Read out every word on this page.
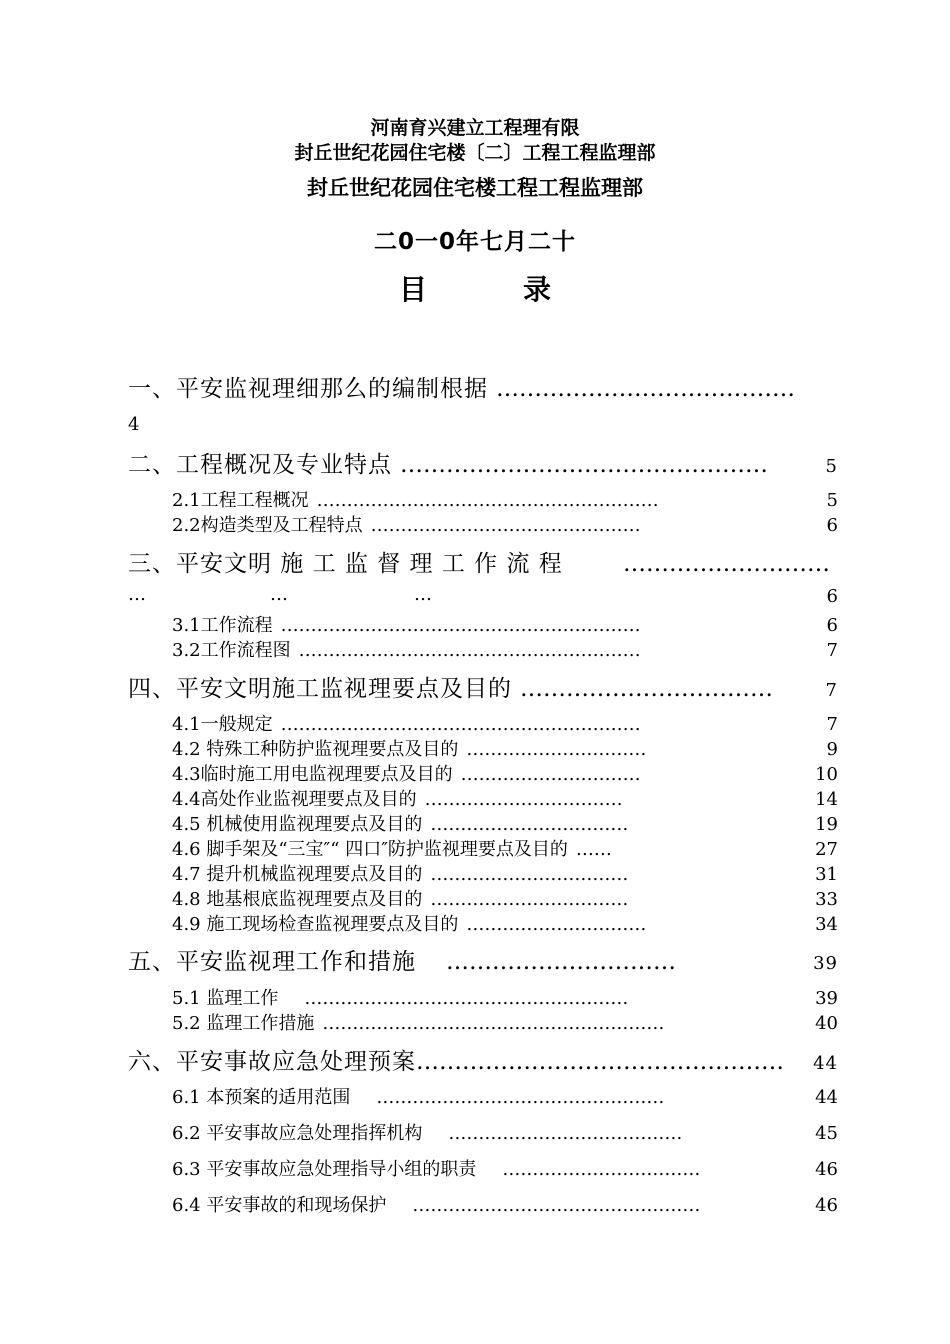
河南育兴建立工程理有限
封丘世纪花园住宅楼〔二〕工程工程监理部
封丘世纪花园住宅楼工程工程监理部
二0一0年七月二十
目	录
一、平安监视理细那么的编制根据 …………………………………
4
二、工程概况及专业特点 …………………………………………	5
2.1工程工程概况 …………………………………………………	5
2.2构造类型及工程特点 ………………………………………	6
三、平安文明 施 工 监 督 理 工 作 流 程	………………………
…	…	…	6
3.1工作流程 ……………………………………………………	6
3.2工作流程图 …………………………………………………	7
四、平安文明施工监视理要点及目的 ……………………………	7
4.1一般规定 ……………………………………………………	7
4.2 特殊工种防护监视理要点及目的 …………………………	9
4.3临时施工用电监视理要点及目的 …………………………	10
4.4高处作业监视理要点及目的 ……………………………	14
4.5 机械使用监视理要点及目的 ……………………………	19
4.6 脚手架及“三宝″“ 四口″防护监视理要点及目的 ……	27
4.7 提升机械监视理要点及目的 ……………………………	31
4.8 地基根底监视理要点及目的 ……………………………	33
4.9 施工现场检查监视理要点及目的 …………………………	34
五、平安监视理工作和措施 …………………………	39
5.1 监理工作 ………………………………………………	39
5.2 监理工作措施 …………………………………………………	40
六、平安事故应急处理预案 …………………………………………	44
6.1 本预案的适用范围 …………………………………………	44
6.2 平安事故应急处理指挥机构 …………………………………	45
6.3 平安事故应急处理指导小组的职责 ……………………………	46
6.4 平安事故的和现场保护 …………………………………………	46
